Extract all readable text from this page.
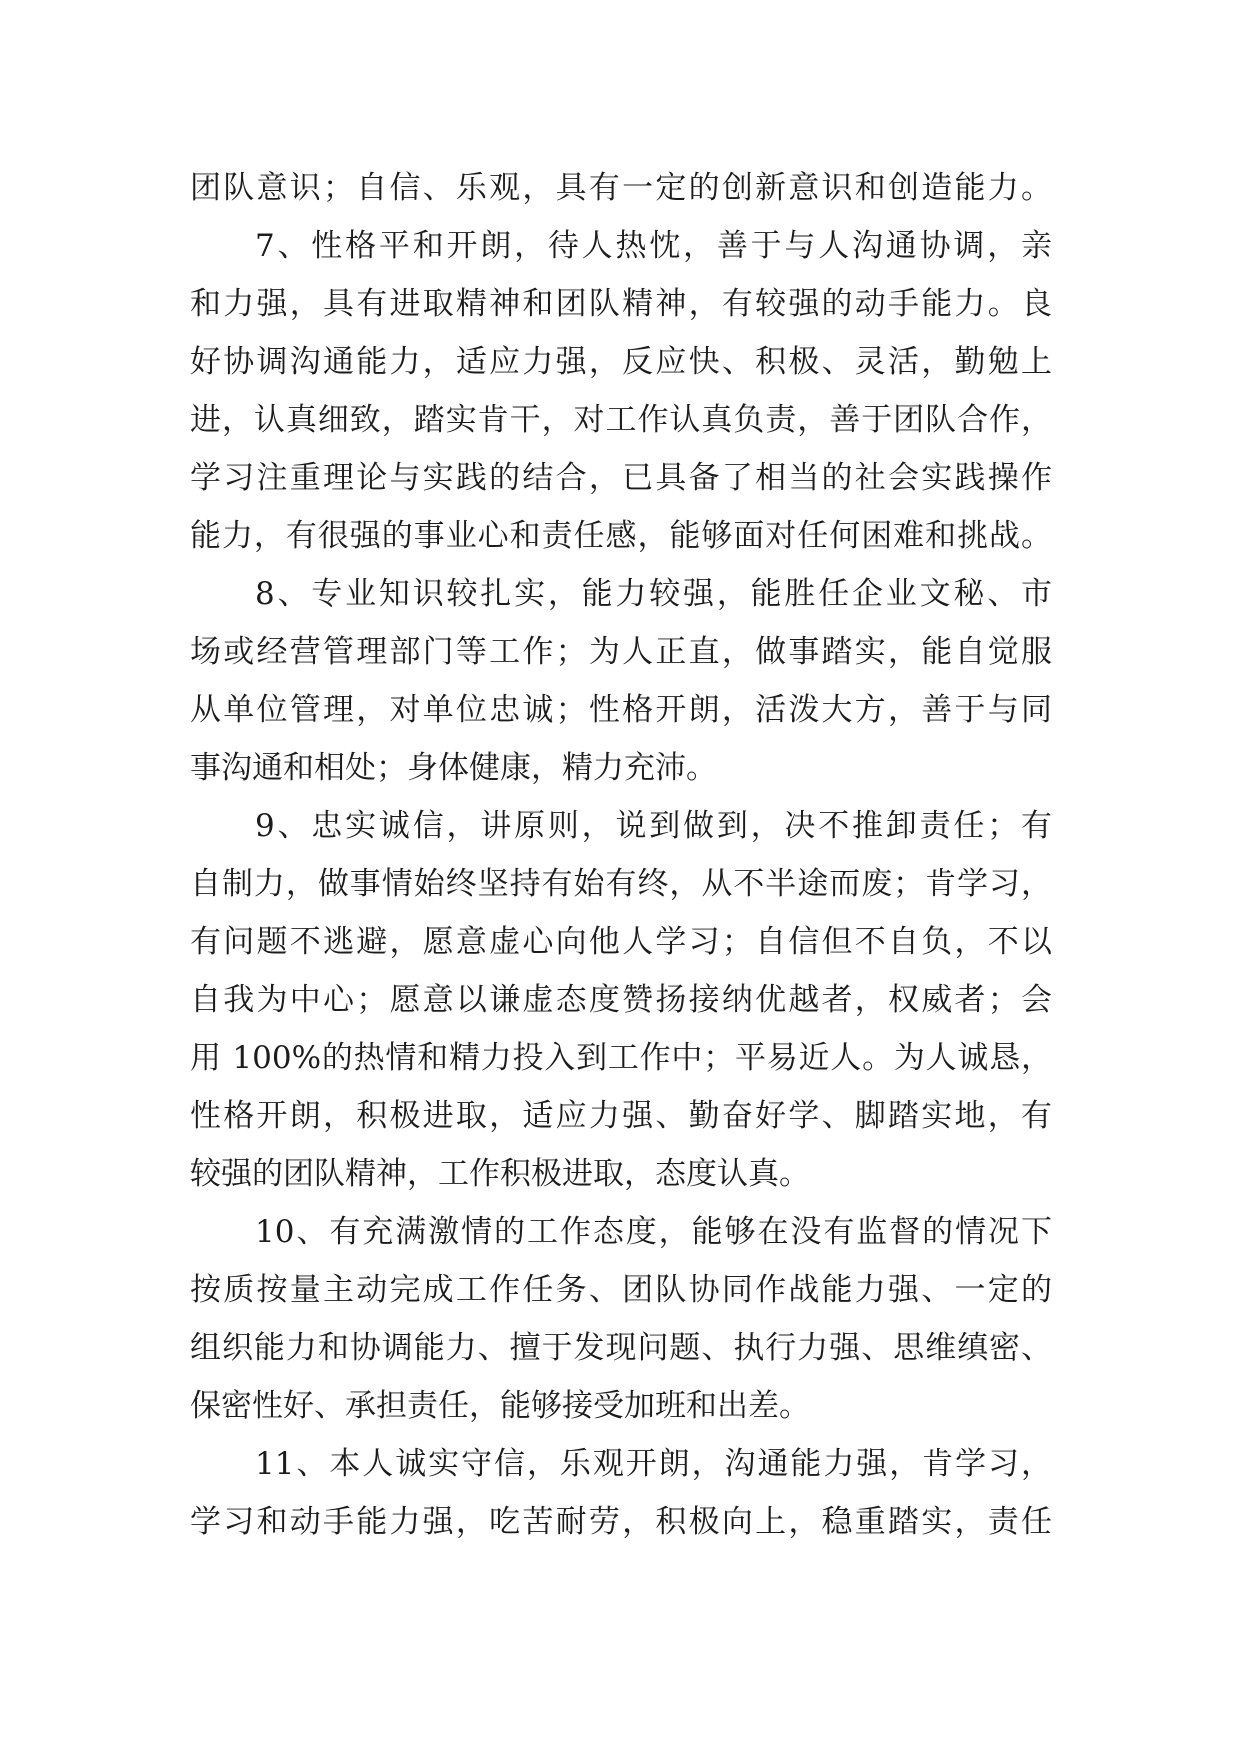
团队意识；自信、乐观，具有一定的创新意识和创造能力。
7、性格平和开朗，待人热忱，善于与人沟通协调，亲
和力强，具有进取精神和团队精神，有较强的动手能力。良
好协调沟通能力，适应力强，反应快、积极、灵活，勤勉上
进，认真细致，踏实肯干，对工作认真负责，善于团队合作，
学习注重理论与实践的结合，已具备了相当的社会实践操作
能力，有很强的事业心和责任感，能够面对任何困难和挑战。
8、专业知识较扎实，能力较强，能胜任企业文秘、市
场或经营管理部门等工作；为人正直，做事踏实，能自觉服
从单位管理，对单位忠诚；性格开朗，活泼大方，善于与同
事沟通和相处；身体健康，精力充沛。
9、忠实诚信，讲原则，说到做到，决不推卸责任；有
自制力，做事情始终坚持有始有终，从不半途而废；肯学习，
有问题不逃避，愿意虚心向他人学习；自信但不自负，不以
自我为中心；愿意以谦虚态度赞扬接纳优越者，权威者；会
用 100%的热情和精力投入到工作中；平易近人。为人诚恳，
性格开朗，积极进取，适应力强、勤奋好学、脚踏实地，有
较强的团队精神，工作积极进取，态度认真。
10、有充满激情的工作态度，能够在没有监督的情况下
按质按量主动完成工作任务、团队协同作战能力强、一定的
组织能力和协调能力、擅于发现问题、执行力强、思维缜密、
保密性好、承担责任，能够接受加班和出差。
11、本人诚实守信，乐观开朗，沟通能力强，肯学习，
学习和动手能力强，吃苦耐劳，积极向上，稳重踏实，责任
